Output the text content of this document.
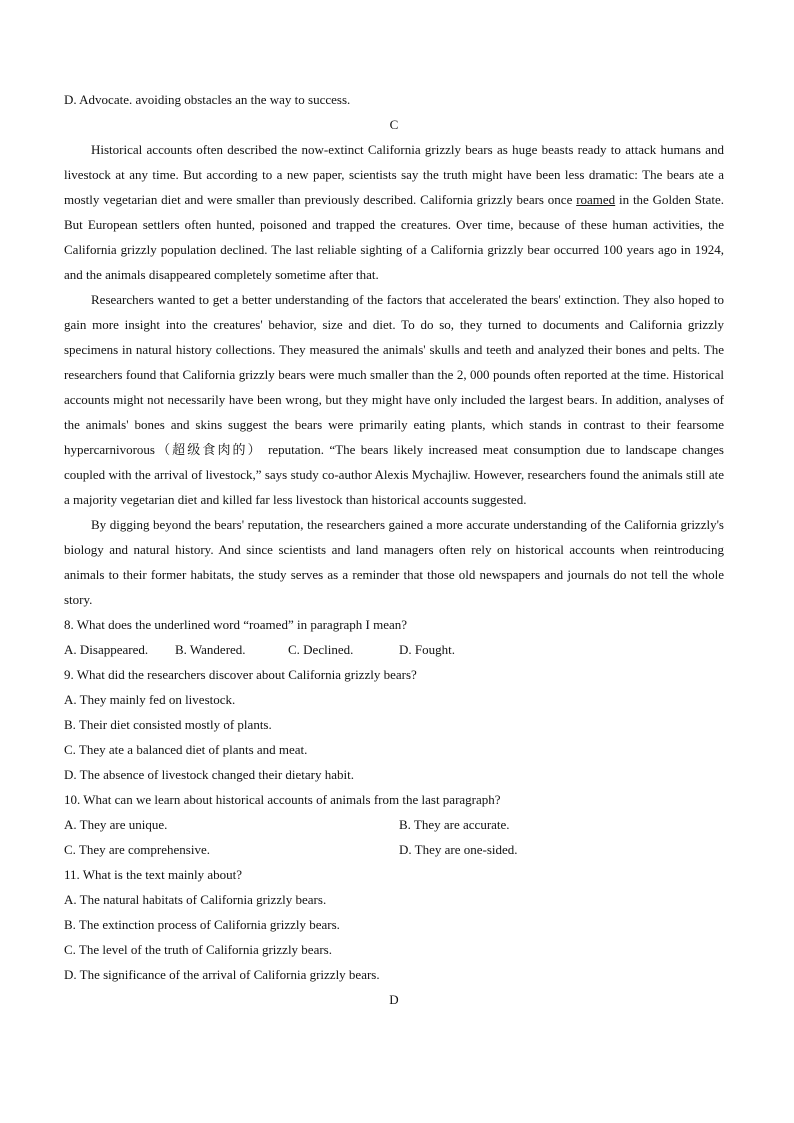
D. Advocate. avoiding obstacles an the way to success.
C

Historical accounts often described the now-extinct California grizzly bears as huge beasts ready to attack humans and livestock at any time. But according to a new paper, scientists say the truth might have been less dramatic: The bears ate a mostly vegetarian diet and were smaller than previously described. California grizzly bears once roamed in the Golden State. But European settlers often hunted, poisoned and trapped the creatures. Over time, because of these human activities, the California grizzly population declined. The last reliable sighting of a California grizzly bear occurred 100 years ago in 1924, and the animals disappeared completely sometime after that.

Researchers wanted to get a better understanding of the factors that accelerated the bears' extinction. They also hoped to gain more insight into the creatures' behavior, size and diet. To do so, they turned to documents and California grizzly specimens in natural history collections. They measured the animals' skulls and teeth and analyzed their bones and pelts. The researchers found that California grizzly bears were much smaller than the 2, 000 pounds often reported at the time. Historical accounts might not necessarily have been wrong, but they might have only included the largest bears. In addition, analyses of the animals' bones and skins suggest the bears were primarily eating plants, which stands in contrast to their fearsome hypercarnivorous（超级食肉的） reputation. “The bears likely increased meat consumption due to landscape changes coupled with the arrival of livestock,” says study co-author Alexis Mychajliw. However, researchers found the animals still ate a majority vegetarian diet and killed far less livestock than historical accounts suggested.

By digging beyond the bears' reputation, the researchers gained a more accurate understanding of the California grizzly's biology and natural history. And since scientists and land managers often rely on historical accounts when reintroducing animals to their former habitats, the study serves as a reminder that those old newspapers and journals do not tell the whole story.

8. What does the underlined word “roamed” in paragraph I mean?
A. Disappeared.	B. Wandered.	C. Declined.	D. Fought.
9. What did the researchers discover about California grizzly bears?
A. They mainly fed on livestock.
B. Their diet consisted mostly of plants.
C. They ate a balanced diet of plants and meat.
D. The absence of livestock changed their dietary habit.
10. What can we learn about historical accounts of animals from the last paragraph?
A. They are unique.	B. They are accurate.
C. They are comprehensive.	D. They are one-sided.
11. What is the text mainly about?
A. The natural habitats of California grizzly bears.
B. The extinction process of California grizzly bears.
C. The level of the truth of California grizzly bears.
D. The significance of the arrival of California grizzly bears.
D
